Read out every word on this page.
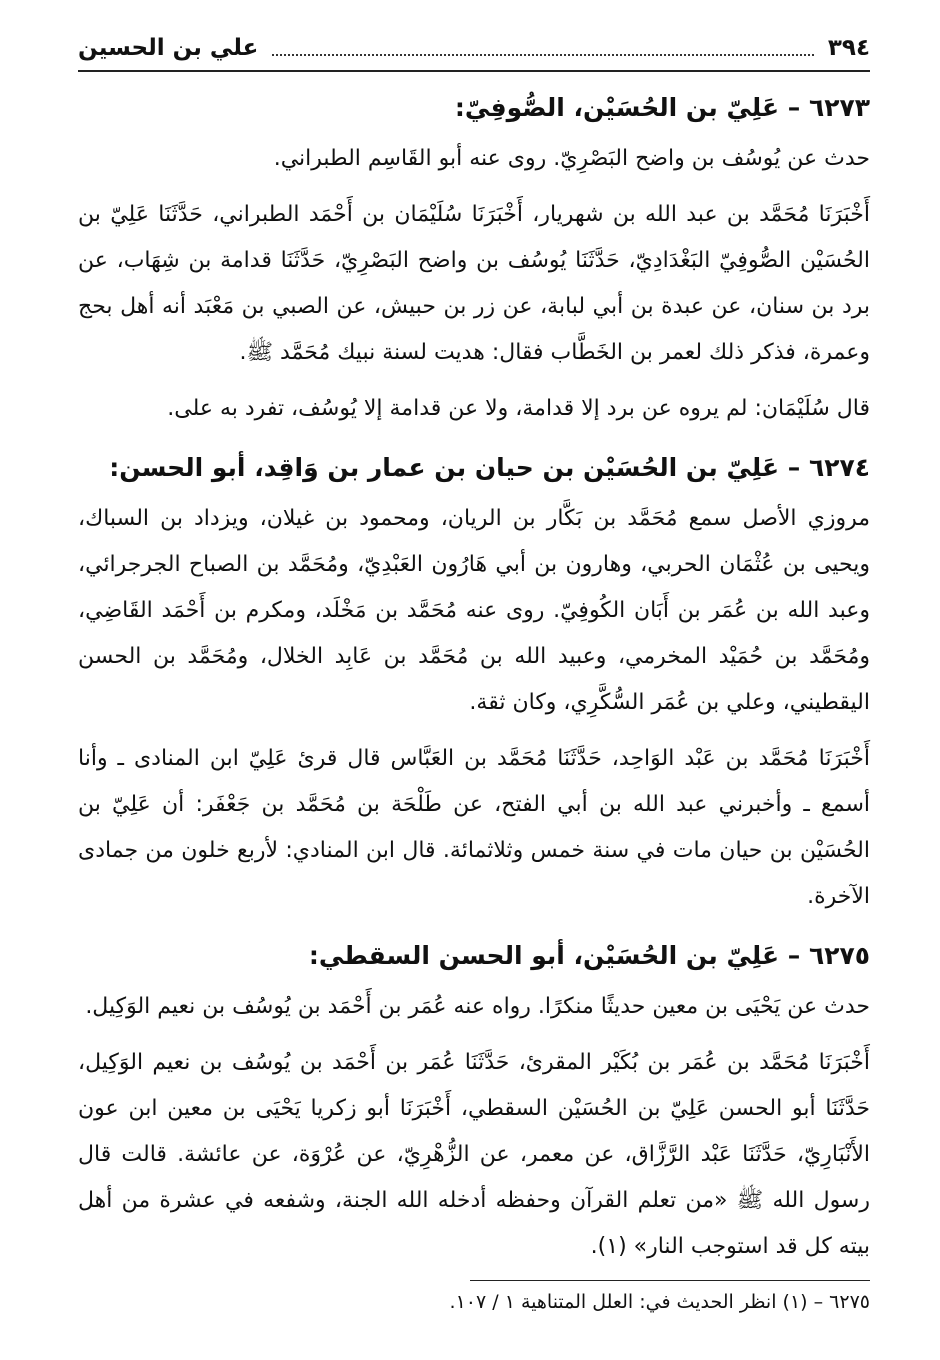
٣٩٤
علي بن الحسين
٦٢٧٣ – عَلِيّ بن الحُسَيْن، الصُّوفِيّ:

حدث عن يُوسُف بن واضح البَصْرِيّ. روى عنه أبو القَاسِم الطبراني.

أَخْبَرَنَا مُحَمَّد بن عبد الله بن شهريار، أَخْبَرَنَا سُلَيْمَان بن أَحْمَد الطبراني، حَدَّثَنَا عَلِيّ بن الحُسَيْن الصُّوفِيّ البَغْدَادِيّ، حَدَّثَنَا يُوسُف بن واضح البَصْرِيّ، حَدَّثَنَا قدامة بن شِهَاب، عن برد بن سنان، عن عبدة بن أبي لبابة، عن زر بن حبيش، عن الصبي بن مَعْبَد أنه أهل بحج وعمرة، فذكر ذلك لعمر بن الخَطَّاب فقال: هديت لسنة نبيك مُحَمَّد ﷺ.

قال سُلَيْمَان: لم يروه عن برد إلا قدامة، ولا عن قدامة إلا يُوسُف، تفرد به على.

٦٢٧٤ – عَلِيّ بن الحُسَيْن بن حيان بن عمار بن وَاقِد، أبو الحسن:

مروزي الأصل سمع مُحَمَّد بن بَكَّار بن الريان، ومحمود بن غيلان، ويزداد بن السباك، ويحيى بن عُثْمَان الحربي، وهارون بن أبي هَارُون العَبْدِيّ، ومُحَمَّد بن الصباح الجرجرائي، وعبد الله بن عُمَر بن أَبَان الكُوفِيّ. روى عنه مُحَمَّد بن مَخْلَد، ومكرم بن أَحْمَد القَاضِي، ومُحَمَّد بن حُمَيْد المخرمي، وعبيد الله بن مُحَمَّد بن عَابِد الخلال، ومُحَمَّد بن الحسن اليقطيني، وعلي بن عُمَر السُّكَّرِي، وكان ثقة.

أَخْبَرَنَا مُحَمَّد بن عَبْد الوَاحِد، حَدَّثَنَا مُحَمَّد بن العَبَّاس قال قرئ عَلِيّ ابن المنادى ـ وأنا أسمع ـ وأخبرني عبد الله بن أبي الفتح، عن طَلْحَة بن مُحَمَّد بن جَعْفَر: أن عَلِيّ بن الحُسَيْن بن حيان مات في سنة خمس وثلاثمائة. قال ابن المنادي: لأربع خلون من جمادى الآخرة.

٦٢٧٥ – عَلِيّ بن الحُسَيْن، أبو الحسن السقطي:

حدث عن يَحْيَى بن معين حديثًا منكرًا. رواه عنه عُمَر بن أَحْمَد بن يُوسُف بن نعيم الوَكِيل.

أَخْبَرَنَا مُحَمَّد بن عُمَر بن بُكَيْر المقرئ، حَدَّثَنَا عُمَر بن أَحْمَد بن يُوسُف بن نعيم الوَكِيل، حَدَّثَنَا أبو الحسن عَلِيّ بن الحُسَيْن السقطي، أَخْبَرَنَا أبو زكريا يَحْيَى بن معين ابن عون الأَنْبَارِيّ، حَدَّثَنَا عَبْد الرَّزَّاق، عن معمر، عن الزُّهْرِيّ، عن عُرْوَة، عن عائشة. قالت قال رسول الله ﷺ «من تعلم القرآن وحفظه أدخله الله الجنة، وشفعه في عشرة من أهل بيته كل قد استوجب النار» (١).

٦٢٧٥ – (١) انظر الحديث في: العلل المتناهية ١ / ١٠٧.
